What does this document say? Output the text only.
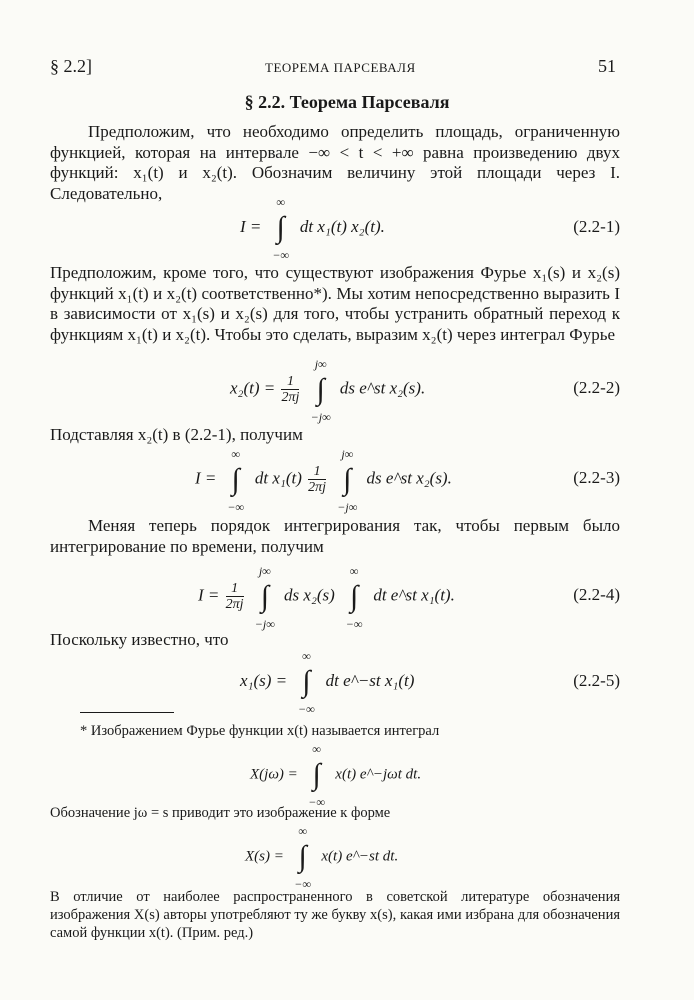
§ 2.2]	ТЕОРЕМА ПАРСЕВАЛЯ	51
§ 2.2. Теорема Парсеваля
Предположим, что необходимо определить площадь, ограниченную функцией, которая на интервале −∞ < t < +∞ равна произведению двух функций: x₁(t) и x₂(t). Обозначим величину этой площади через I. Следовательно,
I =
∞
∫
−∞
dt x₁(t) x₂(t).	(2.2-1)
Предположим, кроме того, что существуют изображения Фурье x₁(s) и x₂(s) функций x₁(t) и x₂(t) соответственно*). Мы хотим непосредственно выразить I в зависимости от x₁(s) и x₂(s) для того, чтобы устранить обратный переход к функциям x₁(t) и x₂(t). Чтобы это сделать, выразим x₂(t) через интеграл Фурье
$x_2(t) = \frac{1}{2\pi j}$

j∞
∫
−j∞
ds e^st x₂(s).	(2.2-2)
Подставляя x₂(t) в (2.2-1), получим
I =
∞
∫
−∞
dt $x_1(t) \frac{1}{2\pi j}$

j∞
∫
−j∞
ds e^st x₂(s).	(2.2-3)
Меняя теперь порядок интегрирования так, чтобы первым было интегрирование по времени, получим
$I = \frac{1}{2\pi j}$

j∞
∫
−j∞
ds x₂(s)
∞
∫
−∞
dt e^st x₁(t).	(2.2-4)
Поскольку известно, что
x₁(s) =
∞
∫
−∞
dt e^−st x₁(t)	(2.2-5)
* Изображением Фурье функции x(t) называется интеграл
X(jω) =
∞
∫
−∞
x(t) e^−jωt dt.
Обозначение jω = s приводит это изображение к форме
X(s) =
∞
∫
−∞
x(t) e^−st dt.
В отличие от наиболее распространенного в советской литературе обозначения изображения X(s) авторы употребляют ту же букву x(s), какая ими избрана для обозначения самой функции x(t). (Прим. ред.)
